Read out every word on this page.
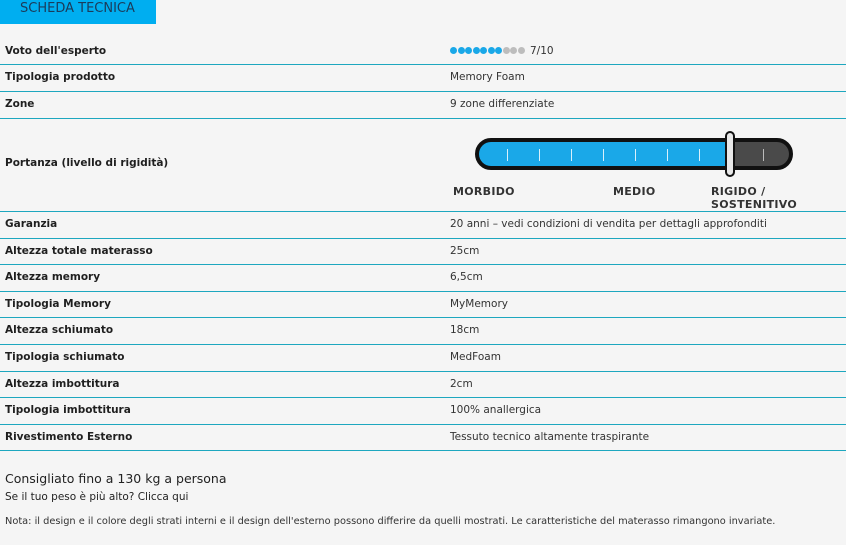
SCHEDA TECNICA
Voto dell'esperto	7/10
Tipologia prodotto	Memory Foam
Zone	9 zone differenziate
Portanza (livello di rigidità)
MORBIDO	MEDIO	RIGIDO / SOSTENITIVO
Garanzia	20 anni – vedi condizioni di vendita per dettagli approfonditi
Altezza totale materasso	25cm
Altezza memory	6,5cm
Tipologia Memory	MyMemory
Altezza schiumato	18cm
Tipologia schiumato	MedFoam
Altezza imbottitura	2cm
Tipologia imbottitura	100% anallergica
Rivestimento Esterno	Tessuto tecnico altamente traspirante
Consigliato fino a 130 kg a persona
Se il tuo peso è più alto? Clicca qui
Nota: il design e il colore degli strati interni e il design dell'esterno possono differire da quelli mostrati. Le caratteristiche del materasso rimangono invariate.
